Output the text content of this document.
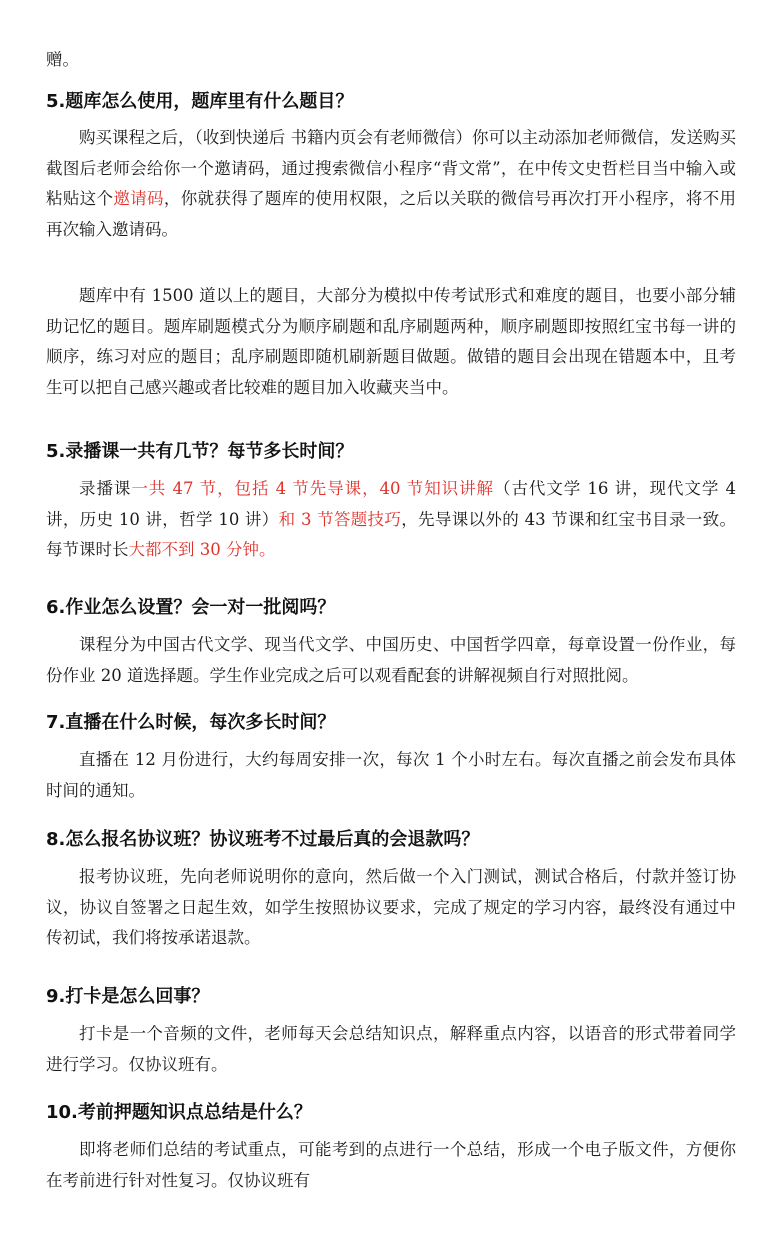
赠。

5.题库怎么使用，题库里有什么题目？

购买课程之后，（收到快递后 书籍内页会有老师微信）你可以主动添加老师微信，发送购买截图后老师会给你一个邀请码，通过搜索微信小程序“背文常”，在中传文史哲栏目当中输入或粘贴这个邀请码，你就获得了题库的使用权限，之后以关联的微信号再次打开小程序，将不用再次输入邀请码。

题库中有 1500 道以上的题目，大部分为模拟中传考试形式和难度的题目，也要小部分辅助记忆的题目。题库刷题模式分为顺序刷题和乱序刷题两种，顺序刷题即按照红宝书每一讲的顺序，练习对应的题目；乱序刷题即随机刷新题目做题。做错的题目会出现在错题本中，且考生可以把自己感兴趣或者比较难的题目加入收藏夹当中。

5.录播课一共有几节？每节多长时间？

录播课一共 47 节，包括 4 节先导课，40 节知识讲解（古代文学 16 讲，现代文学 4 讲，历史 10 讲，哲学 10 讲）和 3 节答题技巧，先导课以外的 43 节课和红宝书目录一致。每节课时长大都不到 30 分钟。

6.作业怎么设置？会一对一批阅吗？

课程分为中国古代文学、现当代文学、中国历史、中国哲学四章，每章设置一份作业，每份作业 20 道选择题。学生作业完成之后可以观看配套的讲解视频自行对照批阅。

7.直播在什么时候，每次多长时间？

直播在 12 月份进行，大约每周安排一次，每次 1 个小时左右。每次直播之前会发布具体时间的通知。

8.怎么报名协议班？协议班考不过最后真的会退款吗？

报考协议班，先向老师说明你的意向，然后做一个入门测试，测试合格后，付款并签订协议，协议自签署之日起生效，如学生按照协议要求，完成了规定的学习内容，最终没有通过中传初试，我们将按承诺退款。

9.打卡是怎么回事？

打卡是一个音频的文件，老师每天会总结知识点，解释重点内容，以语音的形式带着同学进行学习。仅协议班有。

10.考前押题知识点总结是什么？

即将老师们总结的考试重点，可能考到的点进行一个总结，形成一个电子版文件，方便你在考前进行针对性复习。仅协议班有
